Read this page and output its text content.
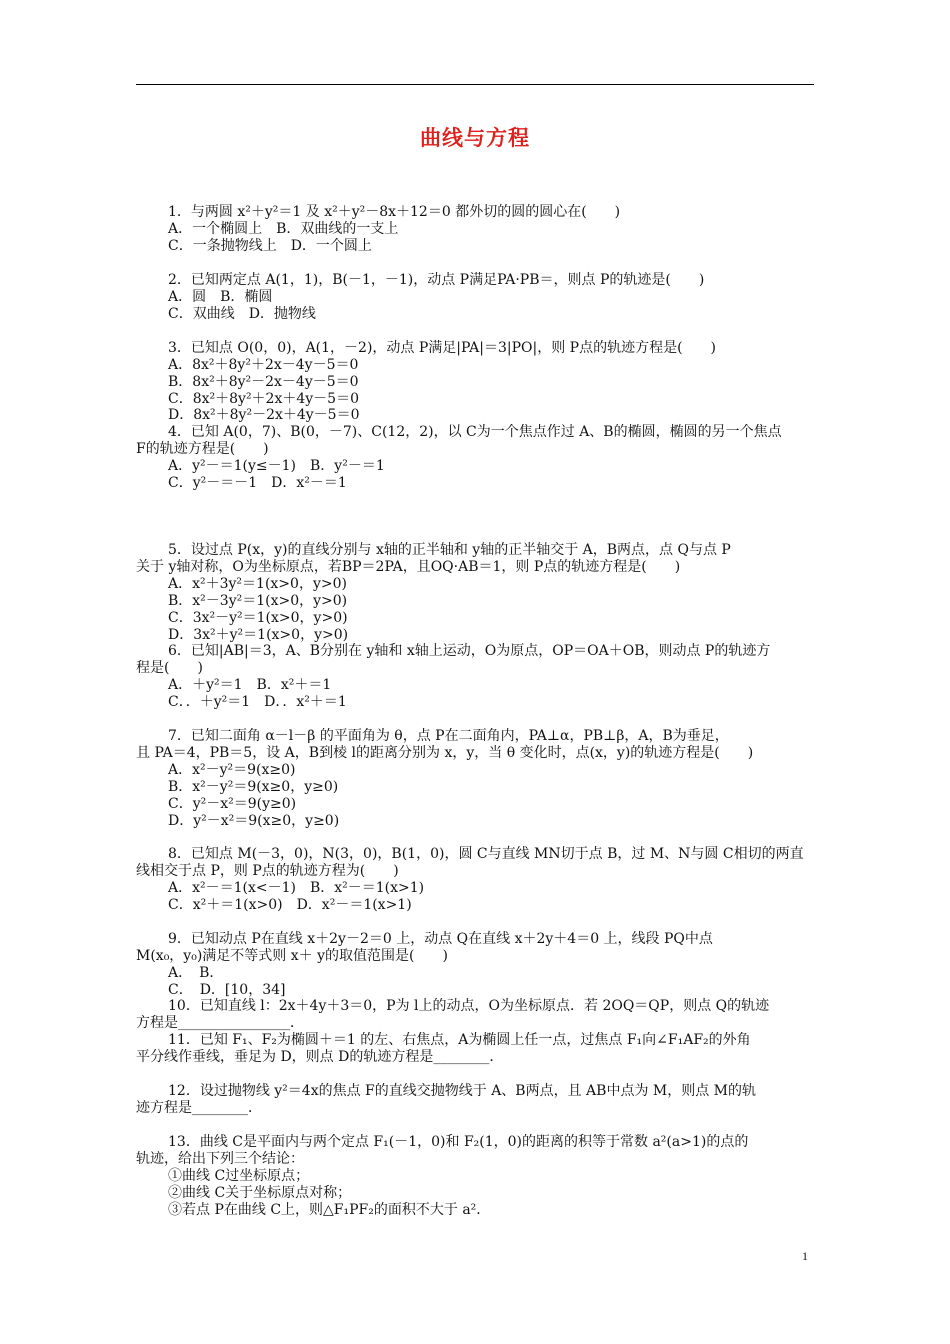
曲线与方程

1．与两圆 x²＋y²＝1 及 x²＋y²－8x＋12＝0 都外切的圆的圆心在(　　)

A．一个椭圆上　B．双曲线的一支上

C．一条抛物线上　D．一个圆上

2．已知两定点 A(1，1)，B(－1，－1)，动点 P满足PA·PB＝，则点 P的轨迹是(　　)

A．圆　B．椭圆

C．双曲线　D．抛物线

3．已知点 O(0，0)，A(1，－2)，动点 P满足|PA|＝3|PO|，则 P点的轨迹方程是(　　)

A．8x²＋8y²＋2x－4y－5＝0

B．8x²＋8y²－2x－4y－5＝0

C．8x²＋8y²＋2x＋4y－5＝0

D．8x²＋8y²－2x＋4y－5＝0

4．已知 A(0，7)、B(0，－7)、C(12，2)，以 C为一个焦点作过 A、B的椭圆，椭圆的另一个焦点

F的轨迹方程是(　　)

A．y²－＝1(y≤－1)　B．y²－＝1

C．y²－＝－1　D．x²－＝1

5．设过点 P(x，y)的直线分别与 x轴的正半轴和 y轴的正半轴交于 A，B两点，点 Q与点 P

关于 y轴对称，O为坐标原点，若BP＝2PA，且OQ·AB＝1，则 P点的轨迹方程是(　　)

A．x²＋3y²＝1(x>0，y>0)

B．x²－3y²＝1(x>0，y>0)

C．3x²－y²＝1(x>0，y>0)

D．3x²＋y²＝1(x>0，y>0)

6．已知|AB|＝3，A、B分别在 y轴和 x轴上运动，O为原点，OP＝OA＋OB，则动点 P的轨迹方

程是(　　)

A．＋y²＝1　B．x²＋＝1

C．．＋y²＝1　D．．x²＋＝1

7．已知二面角 α－l－β 的平面角为 θ，点 P在二面角内，PA⊥α，PB⊥β，A，B为垂足，

且 PA＝4，PB＝5，设 A，B到棱 l的距离分别为 x，y，当 θ 变化时，点(x，y)的轨迹方程是(　　)

A．x²－y²＝9(x≥0)

B．x²－y²＝9(x≥0，y≥0)

C．y²－x²＝9(y≥0)

D．y²－x²＝9(x≥0，y≥0)

8．已知点 M(－3，0)，N(3，0)，B(1，0)，圆 C与直线 MN切于点 B，过 M、N与圆 C相切的两直

线相交于点 P，则 P点的轨迹方程为(　　)

A．x²－＝1(x<－1)　B．x²－＝1(x>1)

C．x²＋＝1(x>0)　D．x²－＝1(x>1)

9．已知动点 P在直线 x＋2y－2＝0 上，动点 Q在直线 x＋2y＋4＝0 上，线段 PQ中点

M(x₀，y₀)满足不等式则 x＋ y的取值范围是(　　)

A．　B．

C．　D．[10，34]

10．已知直线 l：2x＋4y＋3＝0，P为 l上的动点，O为坐标原点．若 2OQ＝QP，则点 Q的轨迹

方程是________________．

11．已知 F₁、F₂为椭圆＋＝1 的左、右焦点，A为椭圆上任一点，过焦点 F₁向∠F₁AF₂的外角

平分线作垂线，垂足为 D，则点 D的轨迹方程是________．

12．设过抛物线 y²＝4x的焦点 F的直线交抛物线于 A、B两点，且 AB中点为 M，则点 M的轨

迹方程是________．

13．曲线 C是平面内与两个定点 F₁(－1，0)和 F₂(1，0)的距离的积等于常数 a²(a>1)的点的

轨迹，给出下列三个结论：

①曲线 C过坐标原点；

②曲线 C关于坐标原点对称；

③若点 P在曲线 C上，则△F₁PF₂的面积不大于 a²．

1
